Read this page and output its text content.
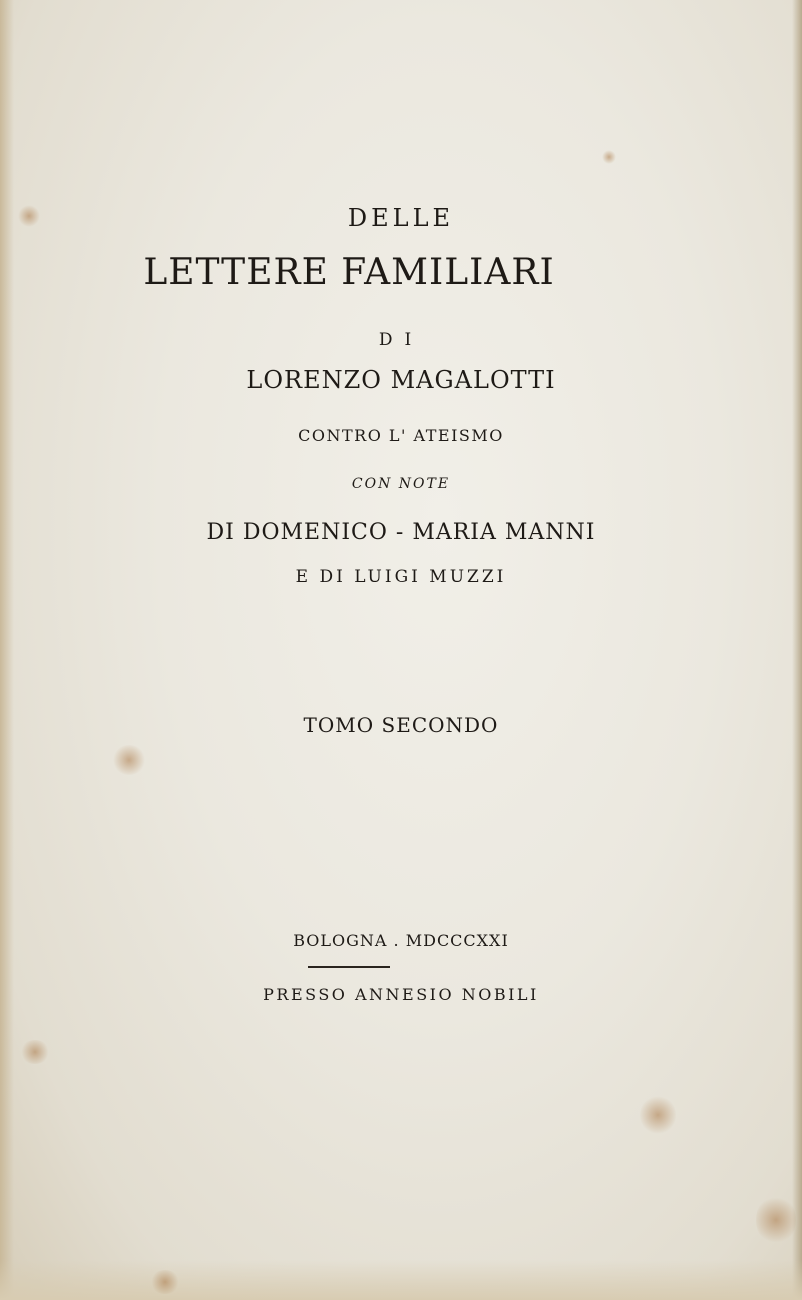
DELLE
LETTERE FAMILIARI
DI
LORENZO MAGALOTTI
CONTRO L' ATEISMO
CON NOTE
DI DOMENICO - MARIA MANNI
E DI LUIGI MUZZI
TOMO SECONDO
BOLOGNA . MDCCCXXI
PRESSO ANNESIO NOBILI
